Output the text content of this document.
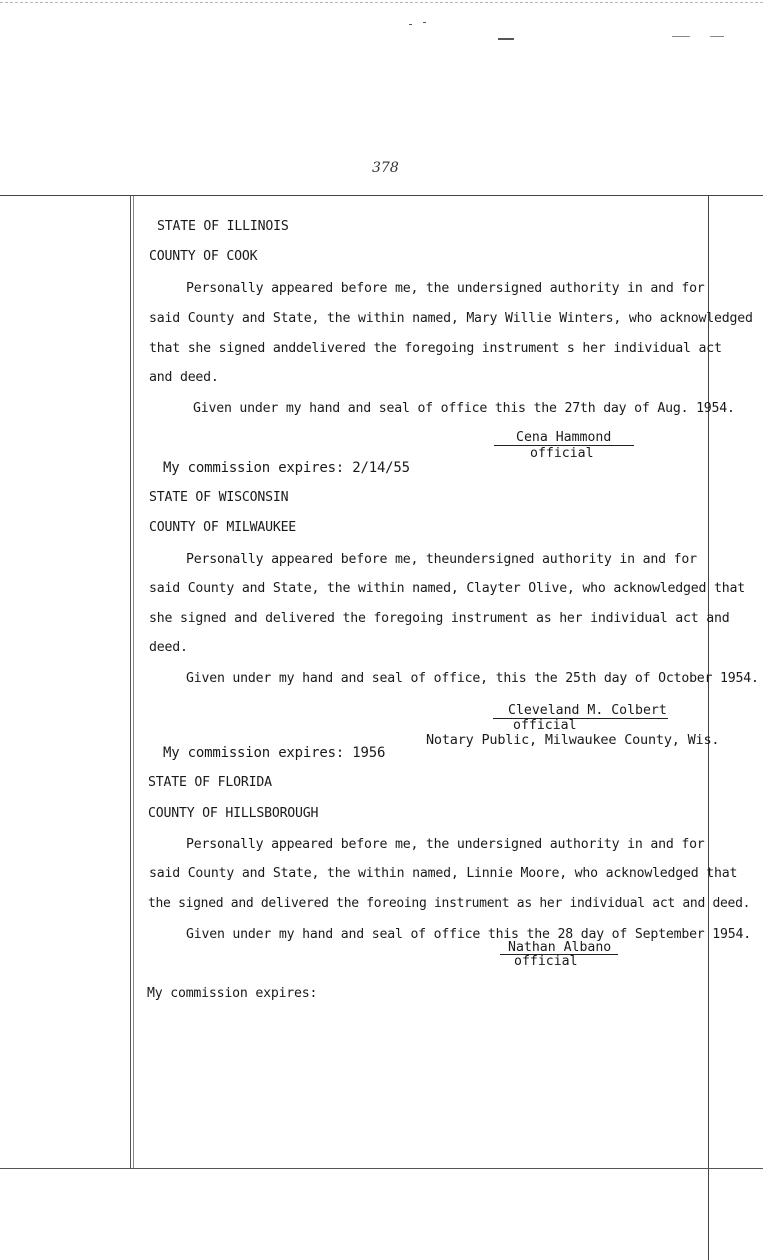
378
STATE OF ILLINOIS
COUNTY OF COOK
Personally appeared before me, the undersigned authority in and for
said County and State, the within named, Mary Willie Winters, who acknowledged
that she signed anddelivered the foregoing instrument s her individual act
and deed.
Given under my hand and seal of office this the 27th day of Aug. 1954.
Cena Hammond
official
My commission expires: 2/14/55
STATE OF WISCONSIN
COUNTY OF MILWAUKEE
Personally appeared before me, theundersigned authority in and for
said County and State, the within named, Clayter Olive, who acknowledged that
she signed and delivered the foregoing instrument as her individual act and
deed.
Given under my hand and seal of office, this the 25th day of October 1954.
Cleveland M. Colbert
official
Notary Public, Milwaukee County, Wis.
My commission expires: 1956
STATE OF FLORIDA
COUNTY OF HILLSBOROUGH
Personally appeared before me, the undersigned authority in and for
said County and State, the within named, Linnie Moore, who acknowledged that
the signed and delivered the foreoing instrument as her individual act and deed.
Given under my hand and seal of office this the 28 day of September 1954.
Nathan Albano
official
My commission expires:
